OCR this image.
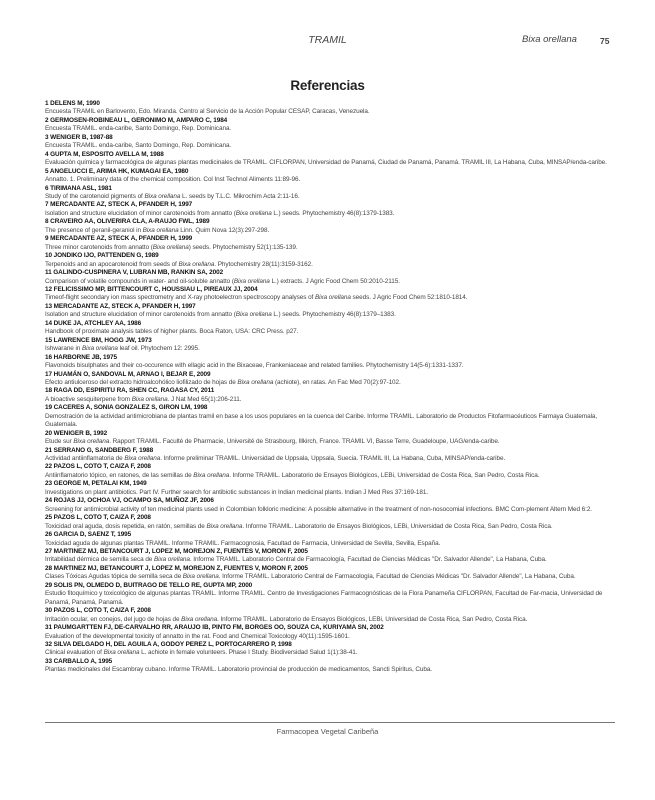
TRAMIL	Bixa orellana	75
Referencias
1 DELENS M, 1990
Encuesta TRAMIL en Barlovento, Edo. Miranda. Centro al Servicio de la Acción Popular CESAP, Caracas, Venezuela.
2 GERMOSEN-ROBINEAU L, GERONIMO M, AMPARO C, 1984
Encuesta TRAMIL. enda-caribe, Santo Domingo, Rep. Dominicana.
3 WENIGER B, 1987-88
Encuesta TRAMIL. enda-caribe, Santo Domingo, Rep. Dominicana.
4 GUPTA M, ESPOSITO AVELLA M, 1988
Evaluación química y farmacológica de algunas plantas medicinales de TRAMIL. CIFLORPAN, Universidad de Panamá, Ciudad de Panamá, Panamá. TRAMIL III, La Habana, Cuba, MINSAP/enda-caribe.
5 ANGELUCCI E, ARIMA HK, KUMAGAI EA, 1980
Annatto. 1. Preliminary data of the chemical composition. Col Inst Technol Aliments 11:89-96.
6 TIRIMANA ASL, 1981
Study of the carotenoid pigments of Bixa orellana L. seeds by T.L.C. Mikrochim Acta 2:11-16.
7 MERCADANTE AZ, STECK A, PFANDER H, 1997
Isolation and structure elucidation of minor carotenoids from annatto (Bixa orellana L.) seeds. Phytochemistry 46(8):1379-1383.
8 CRAVEIRO AA, OLIVERIRA CLA, A-RAUJO FWL, 1989
The presence of geranil-geraniol in Bixa orellana Linn. Quim Nova 12(3):297-298.
9 MERCADANTE AZ, STECK A, PFANDER H, 1999
Three minor carotenoids from annatto (Bixa orellana) seeds. Phytochemistry 52(1):135-139.
10 JONDIKO IJO, PATTENDEN G, 1989
Terpenoids and an apocarotenoid from seeds of Bixa orellana. Phytochemistry 28(11):3159-3162.
11 GALINDO-CUSPINERA V, LUBRAN MB, RANKIN SA, 2002
Comparison of volatile compounds in water- and oil-soluble annatto (Bixa orellana L.) extracts. J Agric Food Chem 50:2010-2115.
12 FELICISSIMO MP, BITTENCOURT C, HOUSSIAU L, PIREAUX JJ, 2004
Timeof-flight secondary ion mass spectrometry and X-ray photoelectron spectroscopy analyses of Bixa orellana seeds. J Agric Food Chem 52:1810-1814.
13 MERCADANTE AZ, STECK A, PFANDER H, 1997
Isolation and structure elucidation of minor carotenoids from annatto (Bixa orellana L.) seeds. Phytochemistry 46(8):1379–1383.
14 DUKE JA, ATCHLEY AA, 1986
Handbook of proximate analysis tables of higher plants. Boca Raton, USA: CRC Press. p27.
15 LAWRENCE BM, HOGG JW, 1973
Ishwarane in Bixa orellana leaf oil. Phytochem 12: 2995.
16 HARBORNE JB, 1975
Flavonoids bisulphates and their co-occurence with ellagic acid in the Bixaceae, Frankeniaceae and related families. Phytochemistry 14(5-6):1331-1337.
17 HUAMÁN O, SANDOVAL M, ARNAO I, BEJAR E, 2009
Efecto antiulceroso del extracto hidroalcohólico liofilizado de hojas de Bixa orellana (achiote), en ratas. An Fac Med 70(2):97-102.
18 RAGA DD, ESPIRITU RA, SHEN CC, RAGASA CY, 2011
A bioactive sesquiterpene from Bixa orellana. J Nat Med 65(1):206-211.
19 CACERES A, SONIA GONZALEZ S, GIRON LM, 1998
Demostración de la actividad antimicrobiana de plantas tramil en base a los usos populares en la cuenca del Caribe. Informe TRAMIL. Laboratorio de Productos Fitofarmacéuticos Farmaya Guatemala, Guatemala.
20 WENIGER B, 1992
Etude sur Bixa orellana. Rapport TRAMIL. Faculté de Pharmacie, Université de Strasbourg, Illkirch, France. TRAMIL VI, Basse Terre, Guadeloupe, UAG/enda-caribe.
21 SERRANO G, SANDBERG F, 1988
Actividad antiinflamatoria de Bixa orellana. Informe preliminar TRAMIL. Universidad de Uppsala, Uppsala, Suecia. TRAMIL III, La Habana, Cuba, MINSAP/enda-caribe.
22 PAZOS L, COTO T, CAIZA F, 2008
Antiinflamatorio tópico, en ratones, de las semillas de Bixa orellana. Informe TRAMIL. Laboratorio de Ensayos Biológicos, LEBi, Universidad de Costa Rica, San Pedro, Costa Rica.
23 GEORGE M, PETALAI KM, 1949
Investigations on plant antibiotics. Part IV. Further search for antibiotic substances in Indian medicinal plants. Indian J Med Res 37:169-181.
24 ROJAS JJ, OCHOA VJ, OCAMPO SA, MUÑOZ JF, 2006
Screening for antimicrobial activity of ten medicinal plants used in Colombian folkloric medicine: A possible alternative in the treatment of non-nosocomial infections. BMC Com-plement Altern Med 6:2.
25 PAZOS L, COTO T, CAIZA F, 2008
Toxicidad oral aguda, dosis repetida, en ratón, semillas de Bixa orellana. Informe TRAMIL. Laboratorio de Ensayos Biológicos, LEBi, Universidad de Costa Rica, San Pedro, Costa Rica.
26 GARCIA D, SAENZ T, 1995
Toxicidad aguda de algunas plantas TRAMIL. Informe TRAMIL. Farmacognosia, Facultad de Farmacia, Universidad de Sevilla, Sevilla, España.
27 MARTINEZ MJ, BETANCOURT J, LOPEZ M, MOREJON Z, FUENTES V, MORON F, 2005
Irritabilidad dérmica de semilla seca de Bixa orellana. Informe TRAMIL. Laboratorio Central de Farmacología, Facultad de Ciencias Médicas "Dr. Salvador Allende", La Habana, Cuba.
28 MARTINEZ MJ, BETANCOURT J, LOPEZ M, MOREJON Z, FUENTES V, MORON F, 2005
Clases Tóxicas Agudas tópica de semilla seca de Bixa orellana. Informe TRAMIL. Laboratorio Central de Farmacología, Facultad de Ciencias Médicas "Dr. Salvador Allende", La Habana, Cuba.
29 SOLIS PN, OLMEDO D, BUITRAGO DE TELLO RE, GUPTA MP, 2000
Estudio fitoquímico y toxicológico de algunas plantas TRAMIL. Informe TRAMIL. Centro de Investigaciones Farmacognósticas de la Flora Panameña CIFLORPAN, Facultad de Far-macia, Universidad de Panamá, Panamá, Panamá.
30 PAZOS L, COTO T, CAIZA F, 2008
Irritación ocular, en conejos, del jugo de hojas de Bixa orellana. Informe TRAMIL. Laboratorio de Ensayos Biológicos, LEBi, Universidad de Costa Rica, San Pedro, Costa Rica.
31 PAUMGARTTEN FJ, DE-CARVALHO RR, ARAUJO IB, PINTO FM, BORGES OO, SOUZA CA, KURIYAMA SN, 2002
Evaluation of the developmental toxicity of annatto in the rat. Food and Chemical Toxicology 40(11):1595-1601.
32 SILVA DELGADO H, DEL AGUILA A, GODOY PEREZ L, PORTOCARRERO P, 1998
Clinical evaluation of Bixa orellana L. achiote in female volunteers. Phase I Study. Biodiversidad Salud 1(1):38-41.
33 CARBALLO A, 1995
Plantas medicinales del Escambray cubano. Informe TRAMIL. Laboratorio provincial de producción de medicamentos, Sancti Spiritus, Cuba.
Farmacopea Vegetal Caribeña
